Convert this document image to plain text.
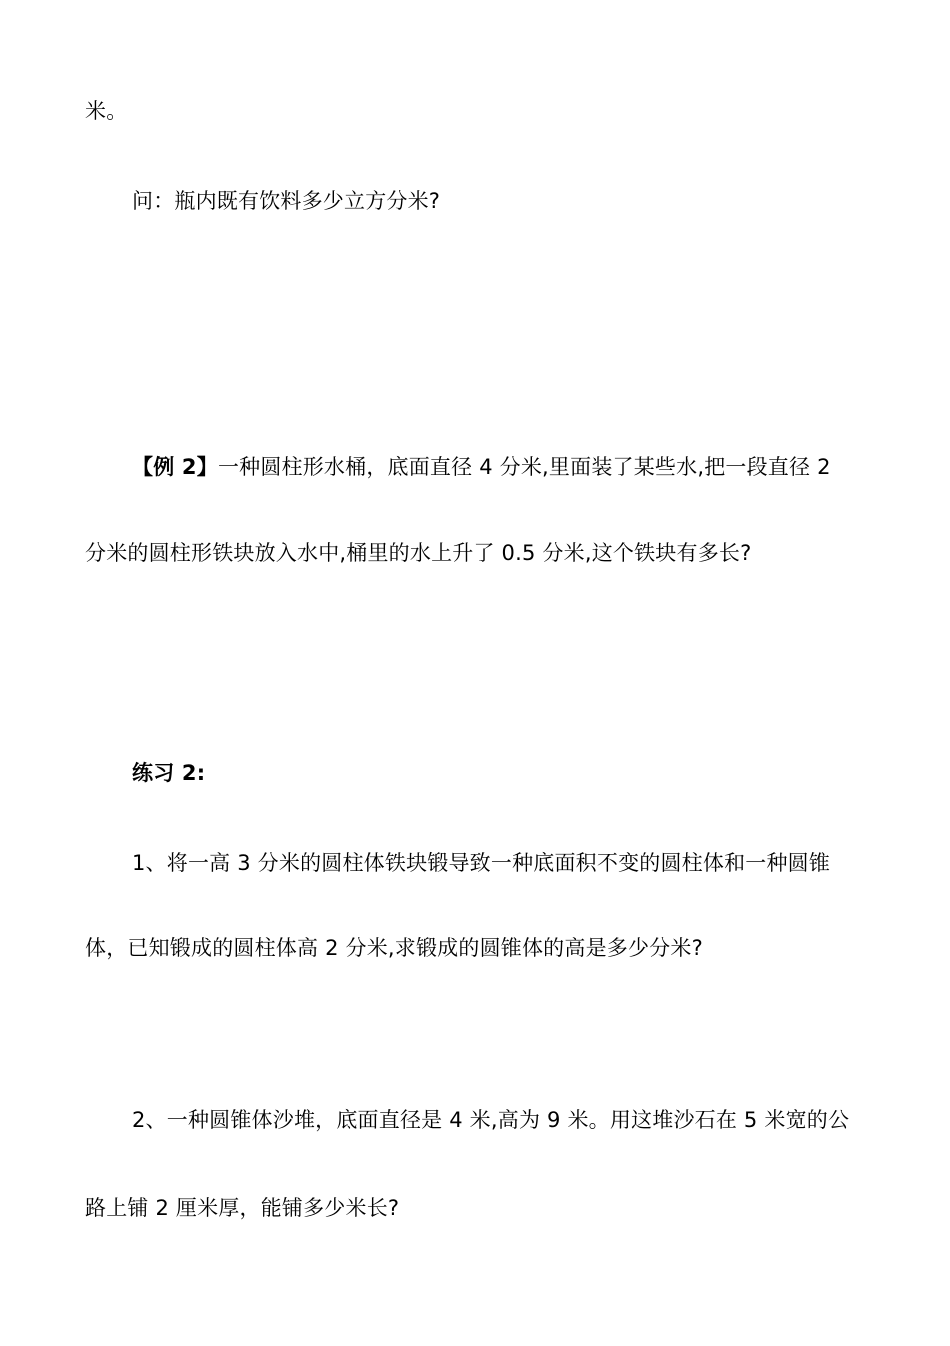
米。
问：瓶内既有饮料多少立方分米?
【例 2】一种圆柱形水桶，底面直径 4 分米,里面装了某些水,把一段直径 2
分米的圆柱形铁块放入水中,桶里的水上升了 0.5 分米,这个铁块有多长?
练习 2:
1、将一高 3 分米的圆柱体铁块锻导致一种底面积不变的圆柱体和一种圆锥
体，已知锻成的圆柱体高 2 分米,求锻成的圆锥体的高是多少分米?
2、一种圆锥体沙堆，底面直径是 4 米,高为 9 米。用这堆沙石在 5 米宽的公
路上铺 2 厘米厚，能铺多少米长?
